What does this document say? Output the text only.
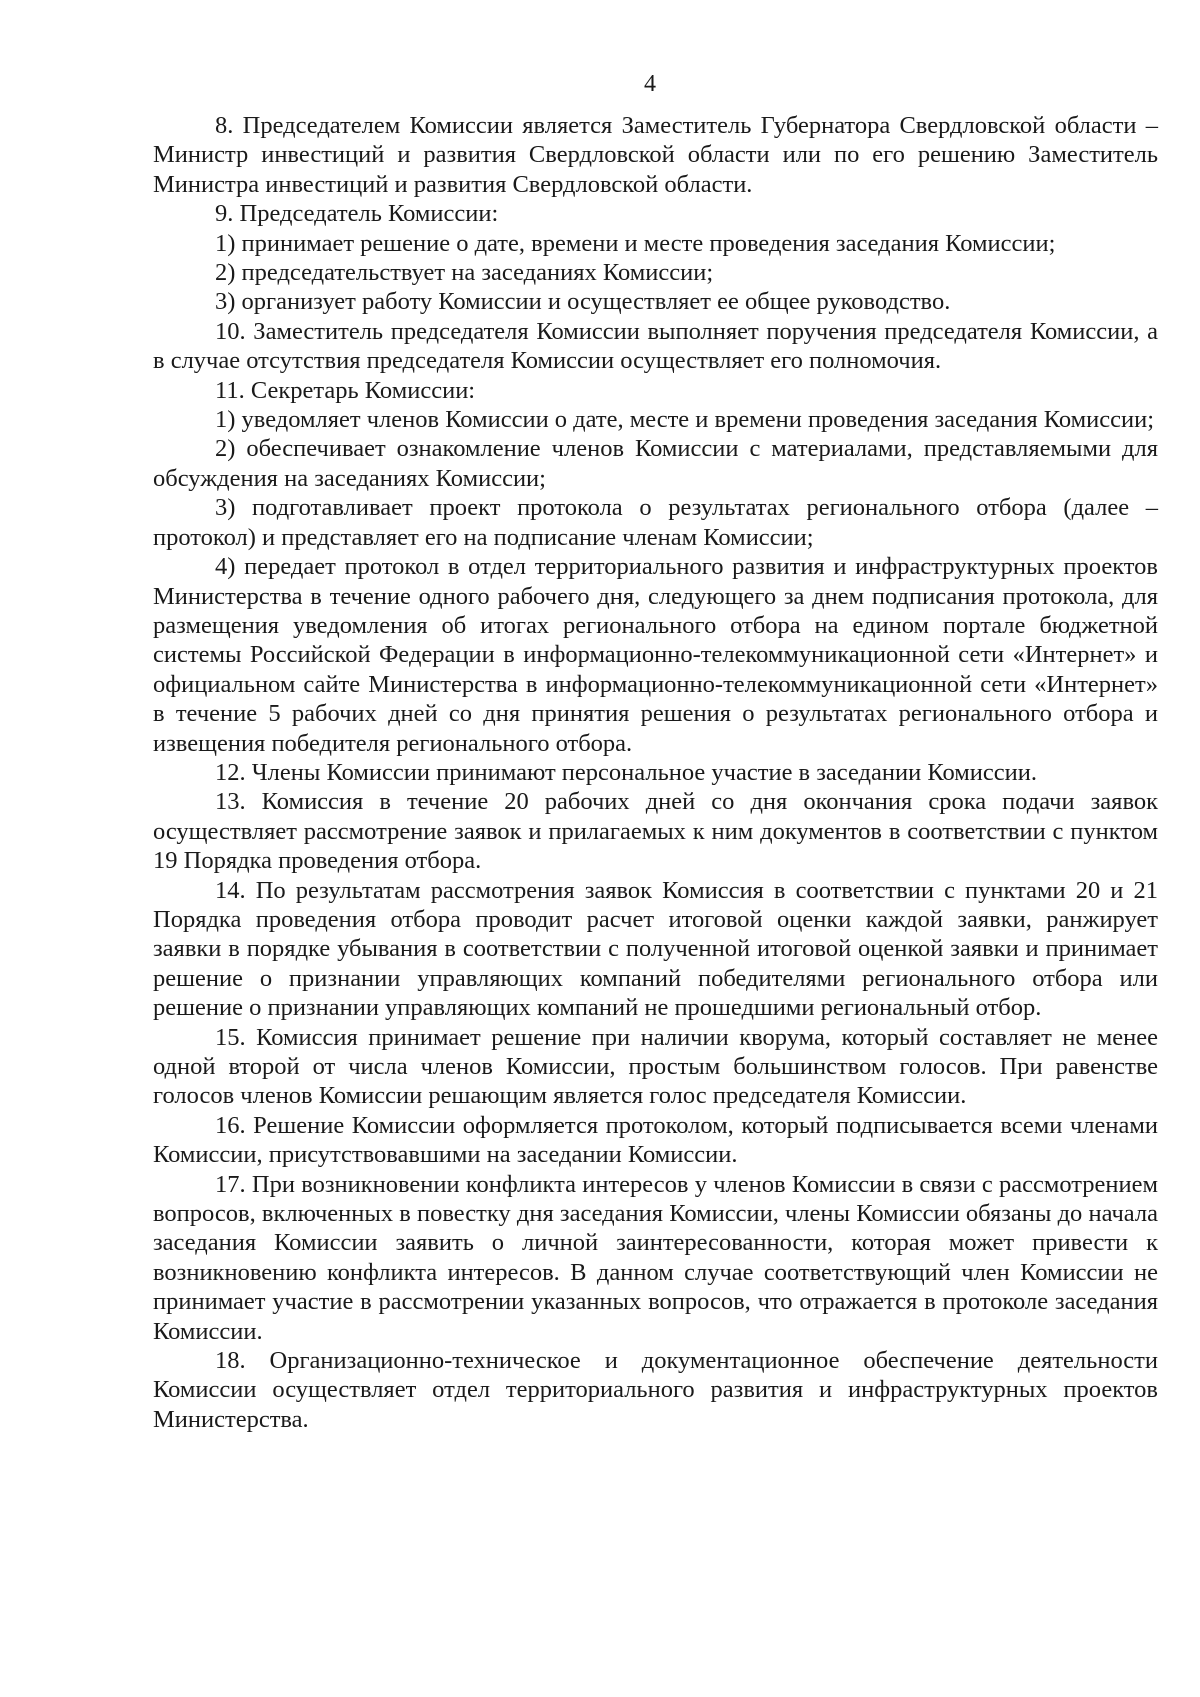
4

8. Председателем Комиссии является Заместитель Губернатора Свердловской области – Министр инвестиций и развития Свердловской области или по его решению Заместитель Министра инвестиций и развития Свердловской области.

9. Председатель Комиссии:

1) принимает решение о дате, времени и месте проведения заседания Комиссии;

2) председательствует на заседаниях Комиссии;

3) организует работу Комиссии и осуществляет ее общее руководство.

10. Заместитель председателя Комиссии выполняет поручения председателя Комиссии, а в случае отсутствия председателя Комиссии осуществляет его полномочия.

11. Секретарь Комиссии:

1) уведомляет членов Комиссии о дате, месте и времени проведения заседания Комиссии;

2) обеспечивает ознакомление членов Комиссии с материалами, представляемыми для обсуждения на заседаниях Комиссии;

3) подготавливает проект протокола о результатах регионального отбора (далее – протокол) и представляет его на подписание членам Комиссии;

4) передает протокол в отдел территориального развития и инфраструктурных проектов Министерства в течение одного рабочего дня, следующего за днем подписания протокола, для размещения уведомления об итогах регионального отбора на едином портале бюджетной системы Российской Федерации в информационно-телекоммуникационной сети «Интернет» и официальном сайте Министерства в информационно-телекоммуникационной сети «Интернет» в течение 5 рабочих дней со дня принятия решения о результатах регионального отбора и извещения победителя регионального отбора.

12. Члены Комиссии принимают персональное участие в заседании Комиссии.

13. Комиссия в течение 20 рабочих дней со дня окончания срока подачи заявок осуществляет рассмотрение заявок и прилагаемых к ним документов в соответствии с пунктом 19 Порядка проведения отбора.

14. По результатам рассмотрения заявок Комиссия в соответствии с пунктами 20 и 21 Порядка проведения отбора проводит расчет итоговой оценки каждой заявки, ранжирует заявки в порядке убывания в соответствии с полученной итоговой оценкой заявки и принимает решение о признании управляющих компаний победителями регионального отбора или решение о признании управляющих компаний не прошедшими региональный отбор.

15. Комиссия принимает решение при наличии кворума, который составляет не менее одной второй от числа членов Комиссии, простым большинством голосов. При равенстве голосов членов Комиссии решающим является голос председателя Комиссии.

16. Решение Комиссии оформляется протоколом, который подписывается всеми членами Комиссии, присутствовавшими на заседании Комиссии.

17. При возникновении конфликта интересов у членов Комиссии в связи с рассмотрением вопросов, включенных в повестку дня заседания Комиссии, члены Комиссии обязаны до начала заседания Комиссии заявить о личной заинтересованности, которая может привести к возникновению конфликта интересов. В данном случае соответствующий член Комиссии не принимает участие в рассмотрении указанных вопросов, что отражается в протоколе заседания Комиссии.

18. Организационно-техническое и документационное обеспечение деятельности Комиссии осуществляет отдел территориального развития и инфраструктурных проектов Министерства.
